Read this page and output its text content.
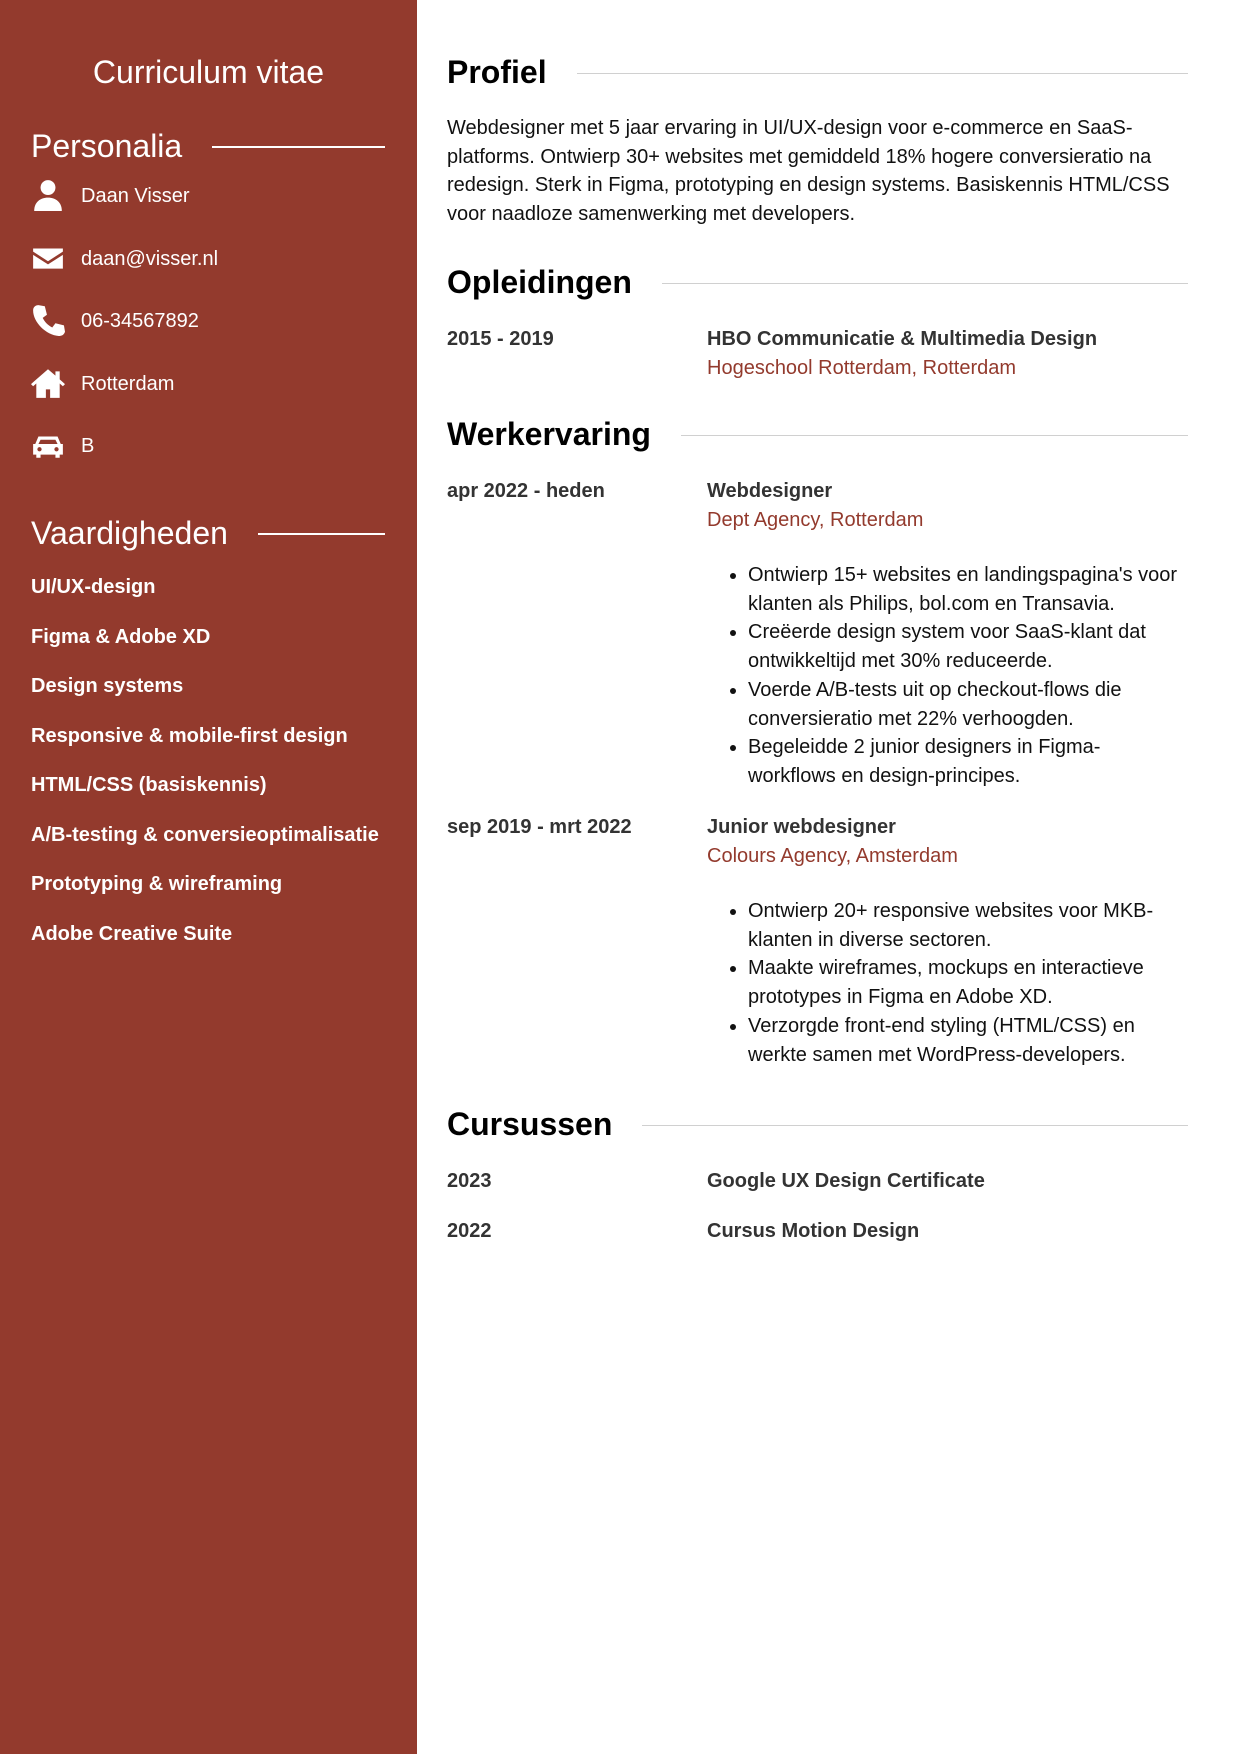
Curriculum vitae
Personalia
Daan Visser
daan@visser.nl
06-34567892
Rotterdam
B
Vaardigheden
UI/UX-design
Figma & Adobe XD
Design systems
Responsive & mobile-first design
HTML/CSS (basiskennis)
A/B-testing & conversieoptimalisatie
Prototyping & wireframing
Adobe Creative Suite
Profiel
Webdesigner met 5 jaar ervaring in UI/UX-design voor e-commerce en SaaS-platforms. Ontwierp 30+ websites met gemiddeld 18% hogere conversieratio na redesign. Sterk in Figma, prototyping en design systems. Basiskennis HTML/CSS voor naadloze samenwerking met developers.
Opleidingen
2015 - 2019	HBO Communicatie & Multimedia Design
Hogeschool Rotterdam, Rotterdam
Werkervaring
apr 2022 - heden	Webdesigner
Dept Agency, Rotterdam
• Ontwierp 15+ websites en landingspagina's voor klanten als Philips, bol.com en Transavia.
• Creëerde design system voor SaaS-klant dat ontwikkeltijd met 30% reduceerde.
• Voerde A/B-tests uit op checkout-flows die conversieratio met 22% verhoogden.
• Begeleidde 2 junior designers in Figma-workflows en design-principes.
sep 2019 - mrt 2022	Junior webdesigner
Colours Agency, Amsterdam
• Ontwierp 20+ responsive websites voor MKB-klanten in diverse sectoren.
• Maakte wireframes, mockups en interactieve prototypes in Figma en Adobe XD.
• Verzorgde front-end styling (HTML/CSS) en werkte samen met WordPress-developers.
Cursussen
2023	Google UX Design Certificate
2022	Cursus Motion Design
